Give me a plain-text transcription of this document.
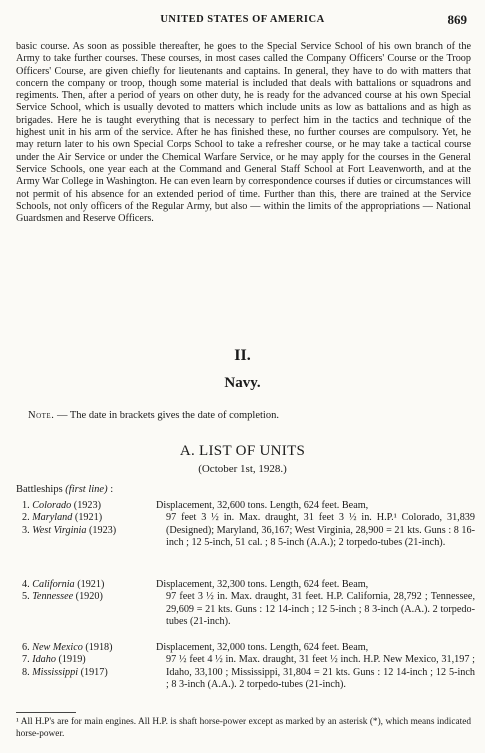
UNITED STATES OF AMERICA	869

basic course. As soon as possible thereafter, he goes to the Special Service School of his own branch of the Army to take further courses. These courses, in most cases called the Company Officers' Course or the Troop Officers' Course, are given chiefly for lieutenants and captains. In general, they have to do with matters that concern the company or troop, though some material is included that deals with battalions or squadrons and regiments. Then, after a period of years on other duty, he is ready for the advanced course at his own Special Service School, which is usually devoted to matters which include units as low as battalions and as high as brigades. Here he is taught everything that is necessary to perfect him in the tactics and technique of the highest unit in his arm of the service. After he has finished these, no further courses are compulsory. Yet, he may return later to his own Special Corps School to take a refresher course, or he may take a tactical course under the Air Service or under the Chemical Warfare Service, or he may apply for the courses in the General Service Schools, one year each at the Command and General Staff School at Fort Leavenworth, and at the Army War College in Washington. He can even learn by correspondence courses if duties or circumstances will not permit of his absence for an extended period of time. Further than this, there are trained at the Service Schools, not only officers of the Regular Army, but also — within the limits of the appropriations — National Guardsmen and Reserve Officers.

II.
Navy.
Note. — The date in brackets gives the date of completion.
A. LIST OF UNITS
(October 1st, 1928.)
Battleships (first line) :
1. Colorado (1923)
2. Maryland (1921)
3. West Virginia (1923)
Displacement, 32,600 tons. Length, 624 feet. Beam,
97 feet 3 ½ in. Max. draught, 31 feet 3 ½ in. H.P.¹ Colorado, 31,839 (Designed); Maryland, 36,167; West Virginia, 28,900 = 21 kts. Guns : 8 16-inch ; 12 5-inch, 51 cal. ; 8 5-inch (A.A.); 2 torpedo-tubes (21-inch).
4. California (1921)
5. Tennessee (1920)
Displacement, 32,300 tons. Length, 624 feet. Beam,
97 feet 3 ½ in. Max. draught, 31 feet. H.P. California, 28,792 ; Tennessee, 29,609 = 21 kts. Guns : 12 14-inch ; 12 5-inch ; 8 3-inch (A.A.). 2 torpedo-tubes (21-inch).
6. New Mexico (1918)
7. Idaho (1919)
8. Mississippi (1917)
Displacement, 32,000 tons. Length, 624 feet. Beam,
97 ½ feet 4 ½ in. Max. draught, 31 feet ½ inch. H.P. New Mexico, 31,197 ; Idaho, 33,100 ; Mississippi, 31,804 = 21 kts. Guns : 12 14-inch ; 12 5-inch ; 8 3-inch (A.A.). 2 torpedo-tubes (21-inch).
¹ All H.P's are for main engines. All H.P. is shaft horse-power except as marked by an asterisk (*), which means indicated horse-power.
